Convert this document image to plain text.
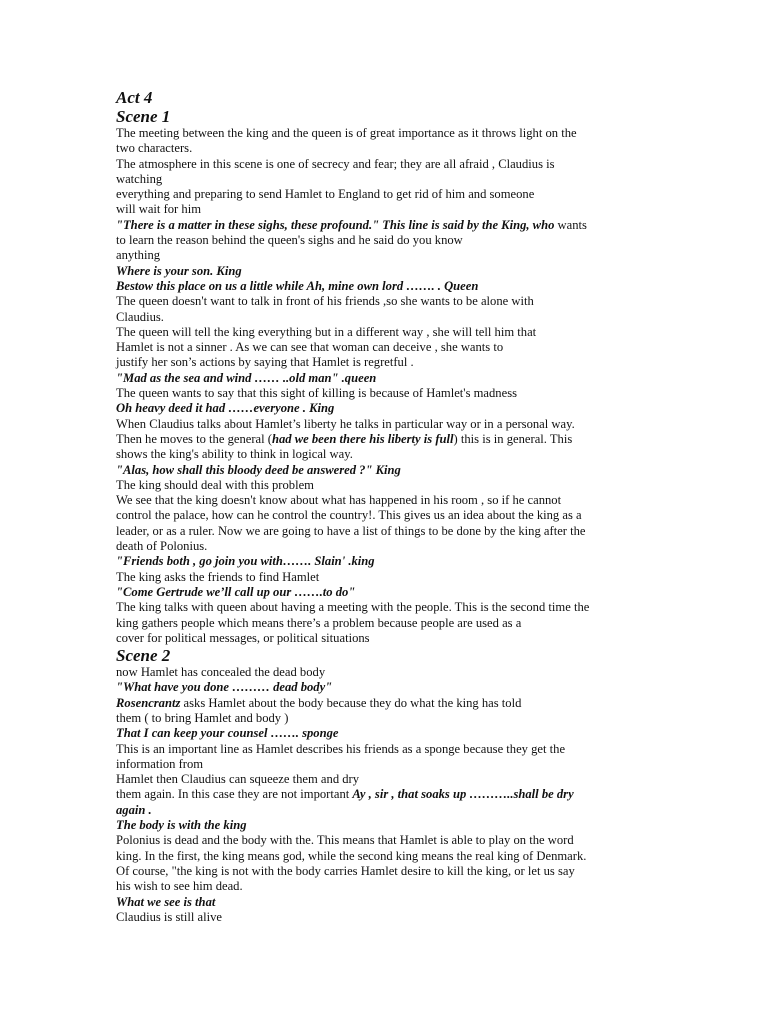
Act 4
Scene 1
The meeting between the king and the queen is of great importance as it throws light on the
two characters.
The atmosphere in this scene is one of secrecy and fear; they are all afraid , Claudius is
watching
everything and preparing to send Hamlet to England to get rid of him and someone
will wait for him
"There is a matter in these sighs, these profound." This line is said by the King, who wants
to learn the reason behind the queen's sighs and he said do you know
anything
Where is your son. King
Bestow this place on us a little while Ah, mine own lord ……. . Queen
The queen doesn't want to talk in front of his friends ,so she wants to be alone with
Claudius.
The queen will tell the king everything but in a different way , she will tell him that
Hamlet is not a sinner . As we can see that woman can deceive , she wants to
justify her son’s actions by saying that Hamlet is regretful .
"Mad as the sea and wind …… ..old man" .queen
The queen wants to say that this sight of killing is because of Hamlet's madness
Oh heavy deed it had ……everyone . King
When Claudius talks about Hamlet’s liberty he talks in particular way or in a personal way.
Then he moves to the general (had we been there his liberty is full) this is in general. This
shows the king's ability to think in logical way.
"Alas, how shall this bloody deed be answered ?" King
The king should deal with this problem
We see that the king doesn't know about what has happened in his room , so if he cannot
control the palace, how can he control the country!. This gives us an idea about the king as a
leader, or as a ruler. Now we are going to have a list of things to be done by the king after the
death of Polonius.
"Friends both , go join you with……. Slain' .king
The king asks the friends to find Hamlet
"Come Gertrude we’ll call up our …….to do"
The king talks with queen about having a meeting with the people. This is the second time the
king gathers people which means there’s a problem because people are used as a
cover for political messages, or political situations
Scene 2
now Hamlet has concealed the dead body
"What have you done ……… dead body"
Rosencrantz asks Hamlet about the body because they do what the king has told
them ( to bring Hamlet and body )
That I can keep your counsel ……. sponge
This is an important line as Hamlet describes his friends as a sponge because they get the
information from
Hamlet then Claudius can squeeze them and dry
them again. In this case they are not important Ay , sir , that soaks up ………..shall be dry
again .
The body is with the king
Polonius is dead and the body with the. This means that Hamlet is able to play on the word
king. In the first, the king means god, while the second king means the real king of Denmark.
Of course, "the king is not with the body carries Hamlet desire to kill the king, or let us say
his wish to see him dead.
What we see is that
Claudius is still alive
